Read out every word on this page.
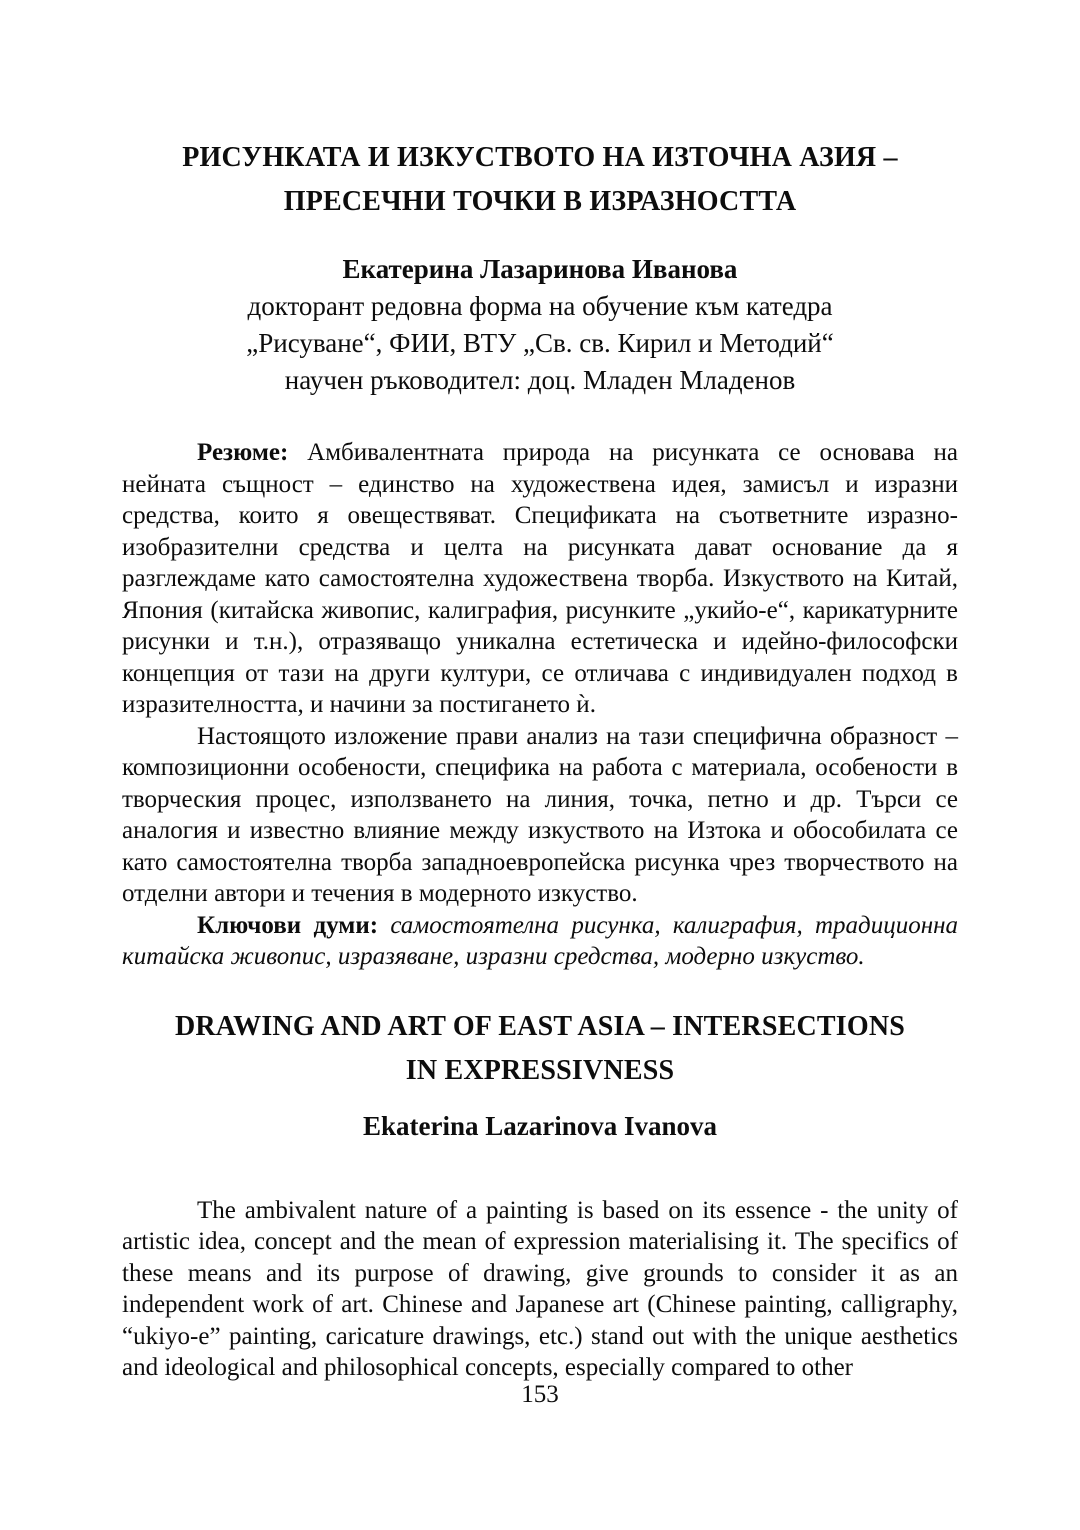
РИСУНКАТА И ИЗКУСТВОТО НА ИЗТОЧНА АЗИЯ –
ПРЕСЕЧНИ ТОЧКИ В ИЗРАЗНОСТТА
Екатерина Лазаринова Иванова
докторант редовна форма на обучение към катедра
„Рисуване“, ФИИ, ВТУ „Св. св. Кирил и Методий“
научен ръководител: доц. Младен Младенов

Резюме: Амбивалентната природа на рисунката се основава на нейната същност – единство на художествена идея, замисъл и изразни средства, които я овеществяват. Спецификата на съответните изразно-изобразителни средства и целта на рисунката дават основание да я разглеждаме като самостоятелна художествена творба. Изкуството на Китай, Япония (китайска живопис, калиграфия, рисунките „укийо-е“, карикатурните рисунки и т.н.), отразяващо уникална естетическа и идейно-философски концепция от тази на други култури, се отличава с индивидуален подход в изразителността, и начини за постигането ѝ.

Настоящото изложение прави анализ на тази специфична образност – композиционни особености, специфика на работа с материала, особености в творческия процес, използването на линия, точка, петно и др. Търси се аналогия и известно влияние между изкуството на Изтока и обособилата се като самостоятелна творба западноевропейска рисунка чрез творчеството на отделни автори и течения в модерното изкуство.

Ключови думи: самостоятелна рисунка, калиграфия, традиционна китайска живопис, изразяване, изразни средства, модерно изкуство.

DRAWING AND ART OF EAST ASIA – INTERSECTIONS
IN EXPRESSIVNESS
Ekaterina Lazarinova Ivanova

The ambivalent nature of a painting is based on its essence - the unity of artistic idea, concept and the mean of expression materialising it. The specifics of these means and its purpose of drawing, give grounds to consider it as an independent work of art. Chinese and Japanese art (Chinese painting, calligraphy, “ukiyo-e” painting, caricature drawings, etc.) stand out with the unique aesthetics and ideological and philosophical concepts, especially compared to other

153
